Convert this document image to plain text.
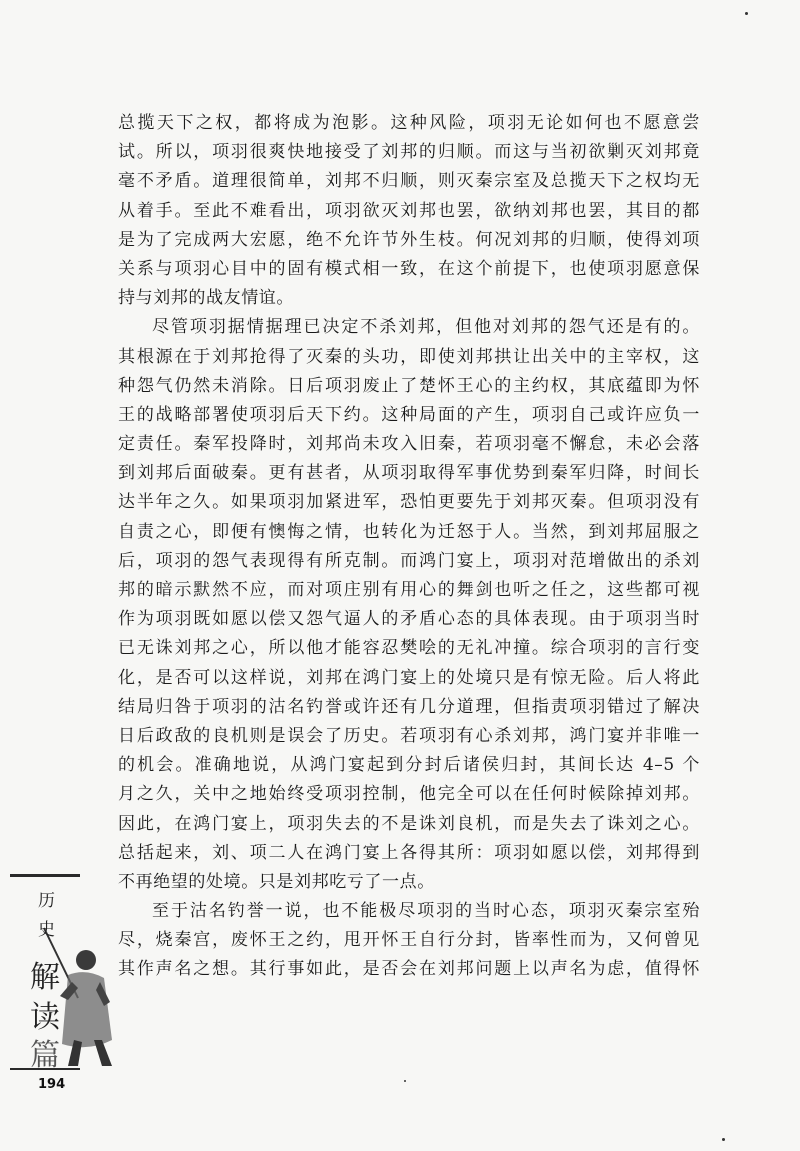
总揽天下之权，都将成为泡影。这种风险，项羽无论如何也不愿意尝
试。所以，项羽很爽快地接受了刘邦的归顺。而这与当初欲剿灭刘邦竟
毫不矛盾。道理很简单，刘邦不归顺，则灭秦宗室及总揽天下之权均无
从着手。至此不难看出，项羽欲灭刘邦也罢，欲纳刘邦也罢，其目的都
是为了完成两大宏愿，绝不允许节外生枝。何况刘邦的归顺，使得刘项
关系与项羽心目中的固有模式相一致，在这个前提下，也使项羽愿意保
持与刘邦的战友情谊。
尽管项羽据情据理已决定不杀刘邦，但他对刘邦的怨气还是有的。
其根源在于刘邦抢得了灭秦的头功，即使刘邦拱让出关中的主宰权，这
种怨气仍然未消除。日后项羽废止了楚怀王心的主约权，其底蕴即为怀
王的战略部署使项羽后天下约。这种局面的产生，项羽自己或许应负一
定责任。秦军投降时，刘邦尚未攻入旧秦，若项羽毫不懈怠，未必会落
到刘邦后面破秦。更有甚者，从项羽取得军事优势到秦军归降，时间长
达半年之久。如果项羽加紧进军，恐怕更要先于刘邦灭秦。但项羽没有
自责之心，即便有懊悔之情，也转化为迁怒于人。当然，到刘邦屈服之
后，项羽的怨气表现得有所克制。而鸿门宴上，项羽对范增做出的杀刘
邦的暗示默然不应，而对项庄别有用心的舞剑也听之任之，这些都可视
作为项羽既如愿以偿又怨气逼人的矛盾心态的具体表现。由于项羽当时
已无诛刘邦之心，所以他才能容忍樊哙的无礼冲撞。综合项羽的言行变
化，是否可以这样说，刘邦在鸿门宴上的处境只是有惊无险。后人将此
结局归咎于项羽的沽名钓誉或许还有几分道理，但指责项羽错过了解决
日后政敌的良机则是误会了历史。若项羽有心杀刘邦，鸿门宴并非唯一
的机会。准确地说，从鸿门宴起到分封后诸侯归封，其间长达 4–5 个
月之久，关中之地始终受项羽控制，他完全可以在任何时候除掉刘邦。
因此，在鸿门宴上，项羽失去的不是诛刘良机，而是失去了诛刘之心。
总括起来，刘、项二人在鸿门宴上各得其所：项羽如愿以偿，刘邦得到
不再绝望的处境。只是刘邦吃亏了一点。
至于沽名钓誉一说，也不能极尽项羽的当时心态，项羽灭秦宗室殆
尽，烧秦宫，废怀王之约，甩开怀王自行分封，皆率性而为，又何曾见
其作声名之想。其行事如此，是否会在刘邦问题上以声名为虑，值得怀
历
史
解
读
篇
194
